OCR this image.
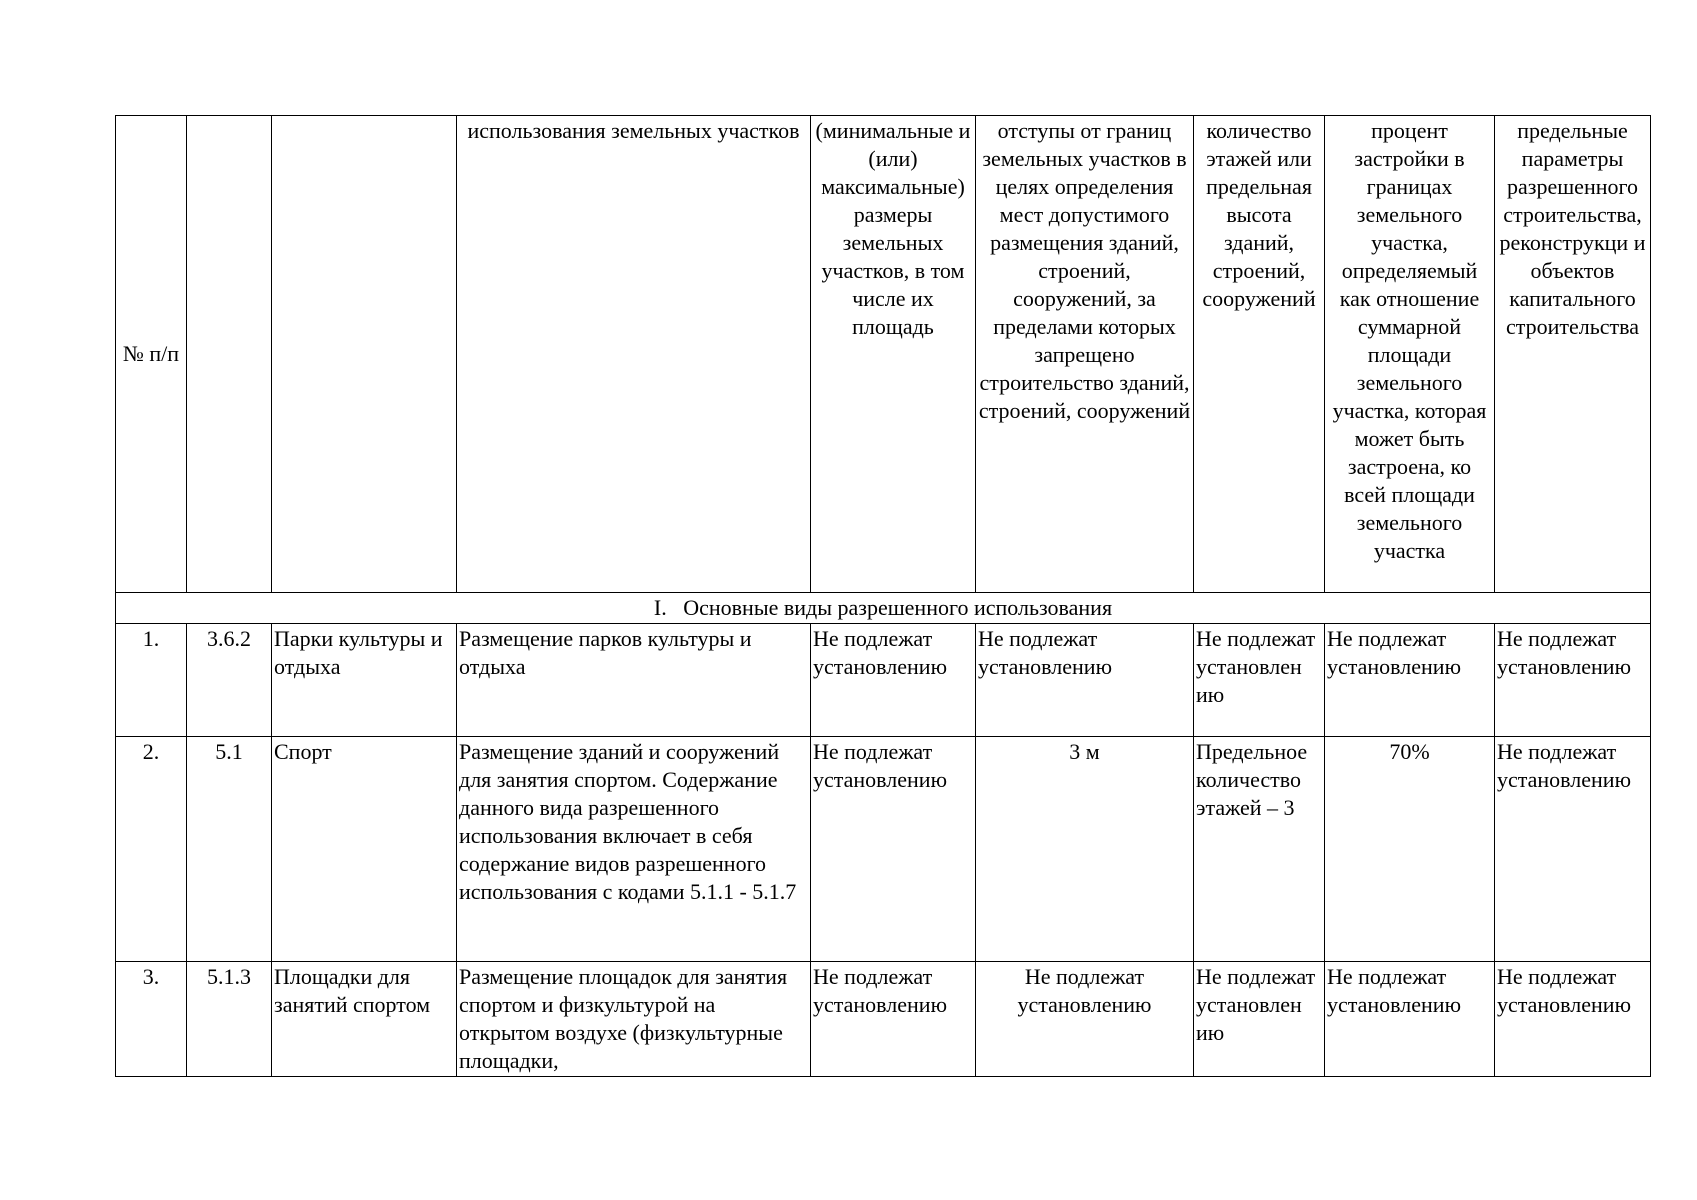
№ п/п			использования земельных участков	(минимальные и (или) максимальные) размеры земельных участков, в том числе их площадь	отступы от границ земельных участков в целях определения мест допустимого размещения зданий, строений, сооружений, за пределами которых запрещено строительство зданий, строений, сооружений	количество этажей или предельная высота зданий, строений, сооружений	процент застройки в границах земельного участка, определяемый как отношение суммарной площади земельного участка, которая может быть застроена, ко всей площади земельного участка	предельные параметры разрешенного строительства, реконструкци и объектов капитального строительства
I.   Основные виды разрешенного использования								
1.	3.6.2	Парки культуры и отдыха	Размещение парков культуры и отдыха	Не подлежат установлению	Не подлежат установлению	Не подлежат установлен ию	Не подлежат установлению	Не подлежат установлению
2.	5.1	Спорт	Размещение зданий и сооружений для занятия спортом. Содержание данного вида разрешенного использования включает в себя содержание видов разрешенного использования с кодами 5.1.1 - 5.1.7	Не подлежат установлению	3 м	Предельное количество этажей – 3	70%	Не подлежат установлению
3.	5.1.3	Площадки для занятий спортом	Размещение площадок для занятия спортом и физкультурой на открытом воздухе (физкультурные площадки,	Не подлежат установлению	Не подлежат установлению	Не подлежат установлен ию	Не подлежат установлению	Не подлежат установлению
